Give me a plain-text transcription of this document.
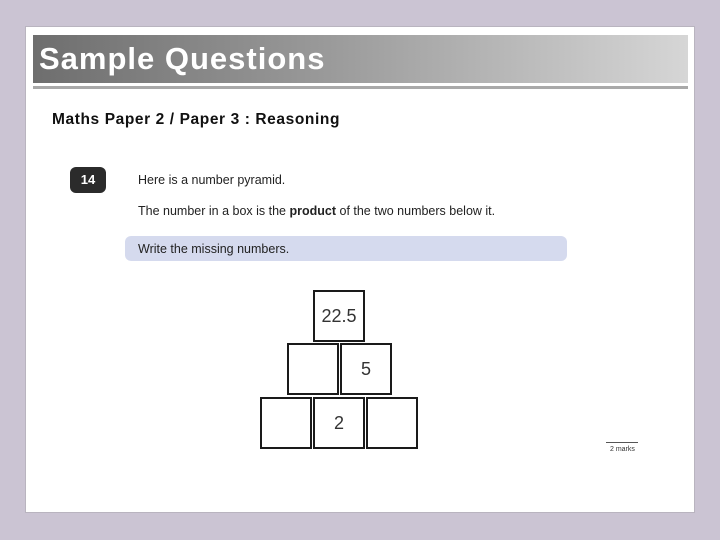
Sample Questions
Maths Paper 2 / Paper 3 : Reasoning
14	Here is a number pyramid.
The number in a box is the product of the two numbers below it.
Write the missing numbers.
22.5
5
2
2 marks
